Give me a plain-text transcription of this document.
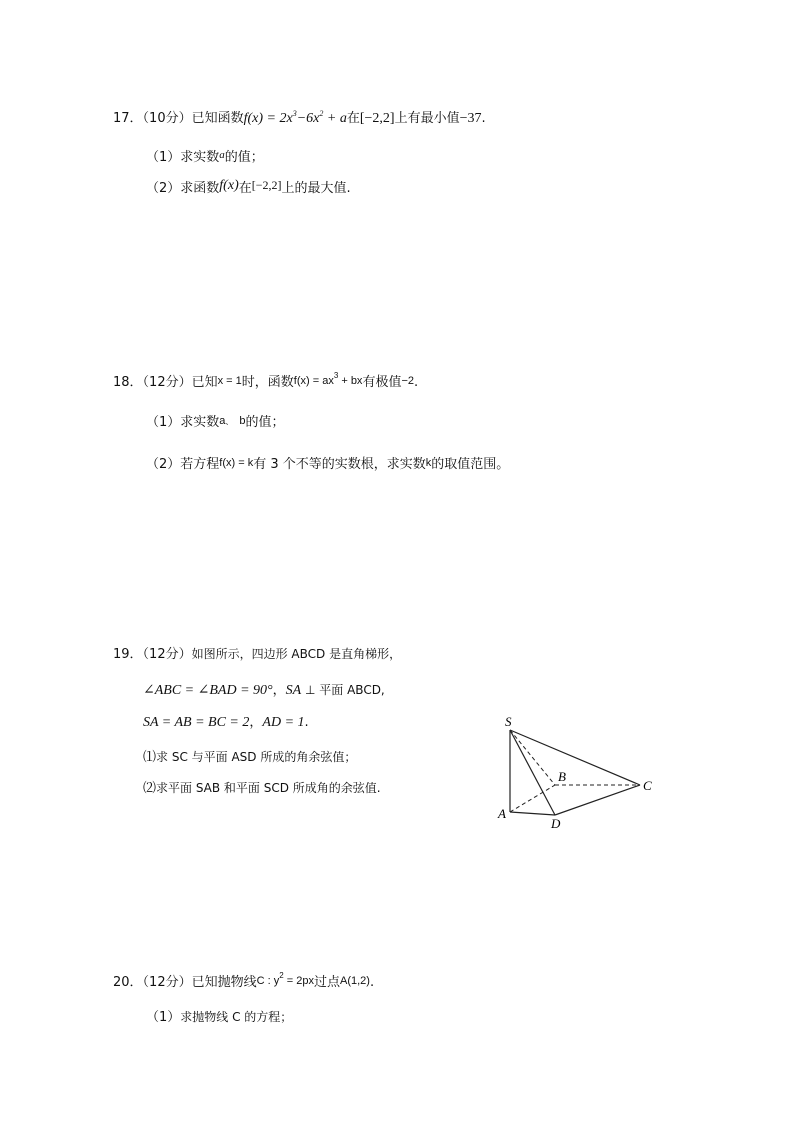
17．（10分）已知函数$f(x) = 2x^3-6x^2 + a$在[−2,2]上有最小值−37.
（1）求实数$^a$的值；
（2）求函数f(x)在[−2,2]上的最大值.
18．（12分）已知x = 1时，函数$f(x) = ax^3$ + bx有极值−2.
（1）求实数a、 b的值；
（2）若方程f(x) = k有 3 个不等的实数根，求实数k的取值范围。
19．（12分）如图所示，四边形 ABCD 是直角梯形，
∠ABC = ∠BAD = 90°，SA ⊥ 平面 ABCD,
SA = AB = BC = 2，AD = 1.
⑴求 SC 与平面 ASD 所成的角余弦值；
⑵求平面 SAB 和平面 SCD 所成角的余弦值.
S
B
C
A
D
20．（12分）已知抛物线C : $y^2 = 2px$过点A(1,2).
（1）求抛物线 C 的方程；
